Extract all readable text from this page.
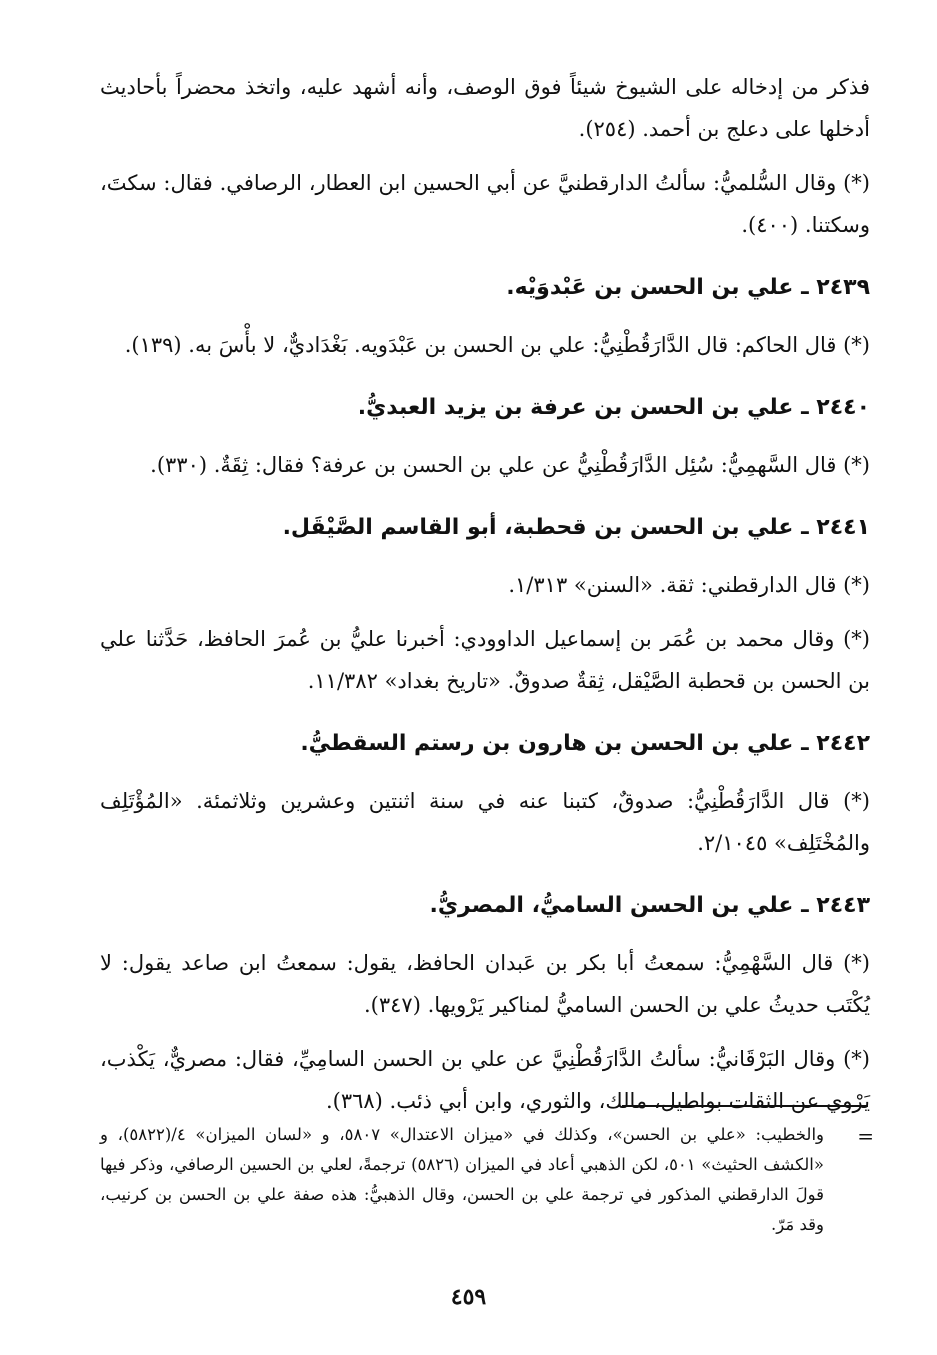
فذكر من إدخاله على الشيوخ شيئاً فوق الوصف، وأنه أشهد عليه، واتخذ محضراً بأحاديث أدخلها على دعلج بن أحمد. (٢٥٤).

(*) وقال السُّلميُّ: سألتُ الدارقطنيَّ عن أبي الحسين ابن العطار، الرصافي. فقال: سكتَ، وسكتنا. (٤٠٠).

٢٤٣٩ ـ علي بن الحسن بن عَبْدوَيْه.

(*) قال الحاكم: قال الدَّارَقُطْنِيُّ: علي بن الحسن بن عَبْدَويه. بَغْدَاديٌّ، لا بأْسَ به. (١٣٩).

٢٤٤٠ ـ علي بن الحسن بن عرفة بن يزيد العبديُّ.

(*) قال السَّهمِيُّ: سُئِل الدَّارَقُطْنِيُّ عن علي بن الحسن بن عرفة؟ فقال: ثِقَةٌ. (٣٣٠).

٢٤٤١ ـ علي بن الحسن بن قحطبة، أبو القاسم الصَّيْقَل.

(*) قال الدارقطني: ثقة. «السنن» ١/٣١٣.

(*) وقال محمد بن عُمَر بن إسماعيل الداوودي: أخبرنا عليُّ بن عُمرَ الحافظ، حَدَّثنا علي بن الحسن بن قحطبة الصَّيْقل، ثِقةٌ صدوقٌ. «تاريخ بغداد» ١١/٣٨٢.

٢٤٤٢ ـ علي بن الحسن بن هارون بن رستم السقطيُّ.

(*) قال الدَّارَقُطْنِيُّ: صدوقٌ، كتبنا عنه في سنة اثنتين وعشرين وثلاثمئة. «المُؤْتَلِف والمُخْتَلِف» ٢/١٠٤٥.

٢٤٤٣ ـ علي بن الحسن الساميُّ، المصريُّ.

(*) قال السَّهْمِيُّ: سمعتُ أبا بكر بن عَبدان الحافظ، يقول: سمعتُ ابن صاعد يقول: لا يُكْتَب حديثُ علي بن الحسن الساميُّ لمناكير يَرْويها. (٣٤٧).

(*) وقال البَرْقَانيُّ: سألتُ الدَّارَقُطْنِيَّ عن علي بن الحسن السامِيِّ، فقال: مصريٌّ، يَكْذب، يَرْوي عن الثقات بواطيل، مالك، والثوري، وابن أبي ذئب. (٣٦٨).

=

والخطيب: «علي بن الحسن»، وكذلك في «ميزان الاعتدال» ٥٨٠٧، و «لسان الميزان» ٤/(٥٨٢٢)، و «الكشف الحثيث» ٥٠١، لكن الذهبي أعاد في الميزان (٥٨٢٦) ترجمةً، لعلي بن الحسين الرصافي، وذكر فيها قولَ الدارقطني المذكور في ترجمة علي بن الحسن، وقال الذهبيُّ: هذه صفة علي بن الحسن بن كرنيب، وقد مَرّ.

٤٥٩
